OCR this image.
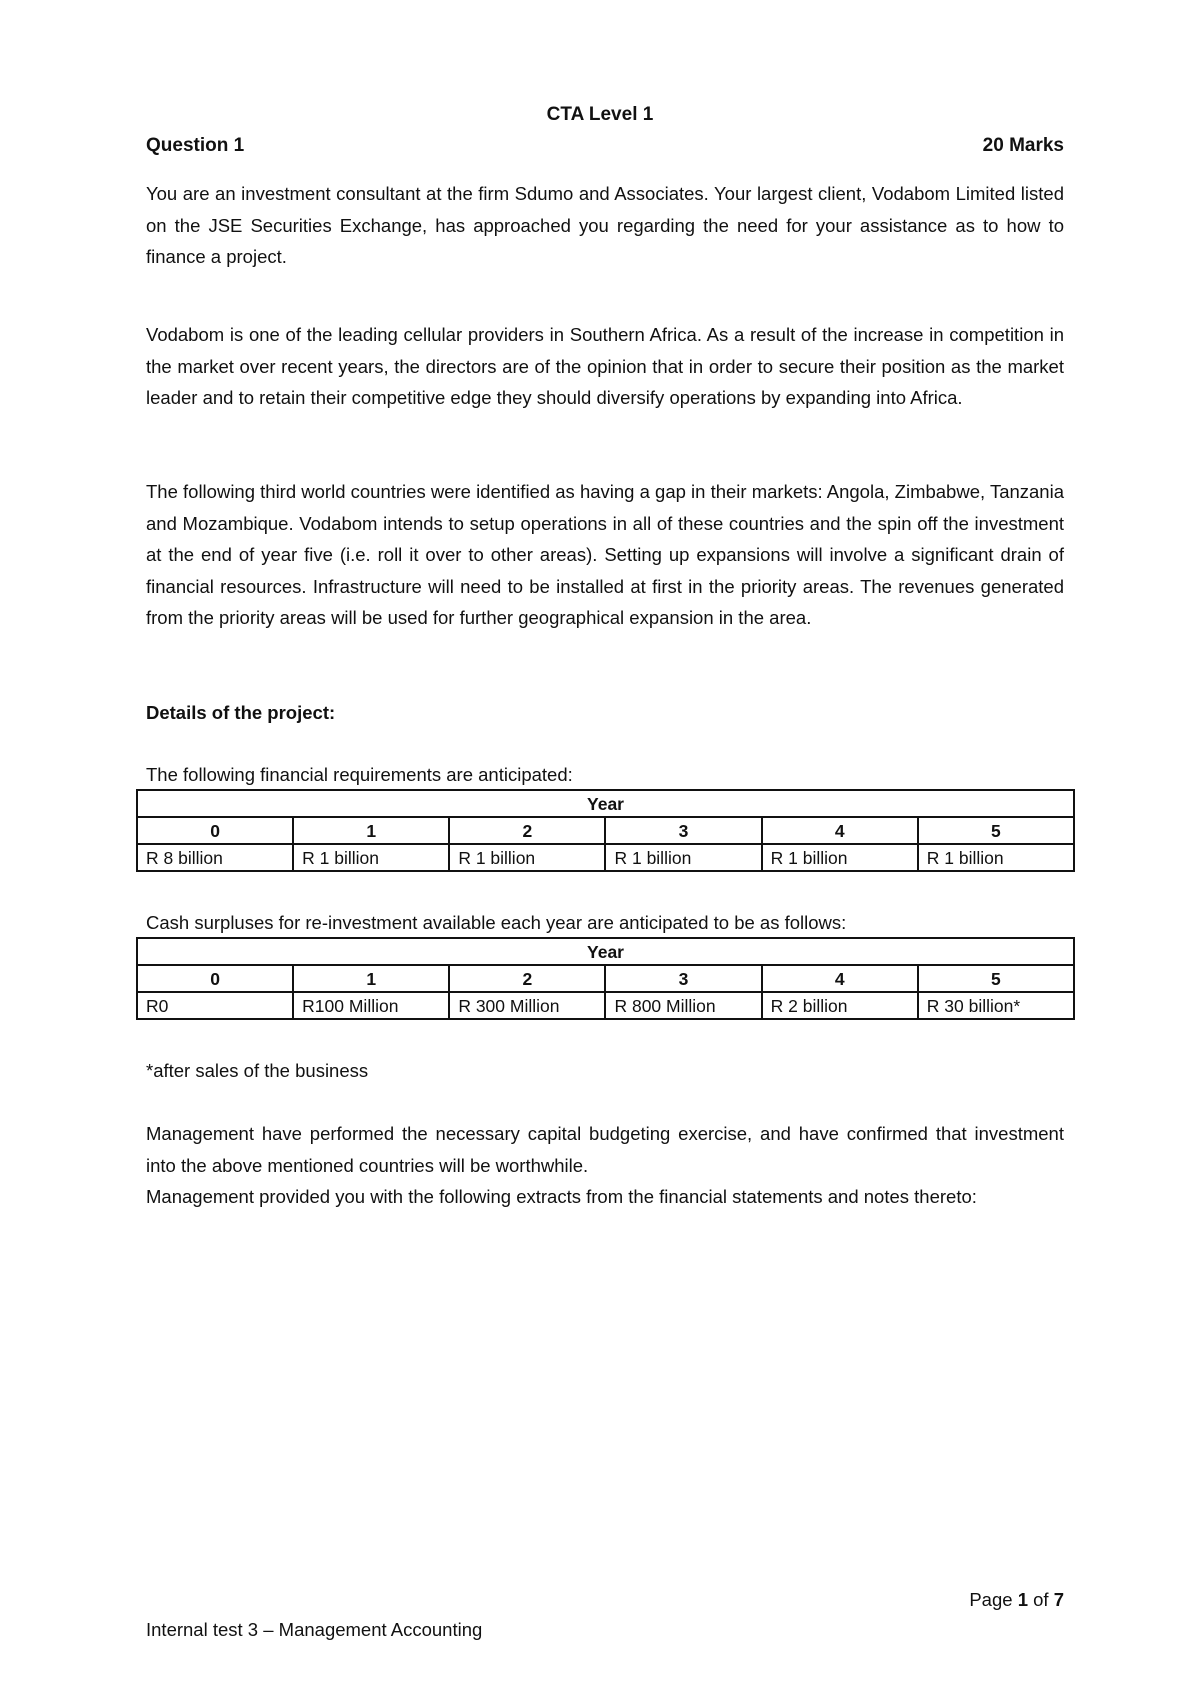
CTA Level 1
Question 1	20 Marks

You are an investment consultant at the firm Sdumo and Associates. Your largest client, Vodabom Limited listed on the JSE Securities Exchange, has approached you regarding the need for your assistance as to how to finance a project.

Vodabom is one of the leading cellular providers in Southern Africa. As a result of the increase in competition in the market over recent years, the directors are of the opinion that in order to secure their position as the market leader and to retain their competitive edge they should diversify operations by expanding into Africa.

The following third world countries were identified as having a gap in their markets: Angola, Zimbabwe, Tanzania and Mozambique. Vodabom intends to setup operations in all of these countries and the spin off the investment at the end of year five (i.e. roll it over to other areas). Setting up expansions will involve a significant drain of financial resources. Infrastructure will need to be installed at first in the priority areas. The revenues generated from the priority areas will be used for further geographical expansion in the area.

Details of the project:
The following financial requirements are anticipated:
Year					
0	1	2	3	4	5
R 8 billion	R 1 billion	R 1 billion	R 1 billion	R 1 billion	R 1 billion
Cash surpluses for re-investment available each year are anticipated to be as follows:
Year					
0	1	2	3	4	5
R0	R100 Million	R 300 Million	R 800 Million	R 2 billion	R 30 billion*
*after sales of the business

Management have performed the necessary capital budgeting exercise, and have confirmed that investment into the above mentioned countries will be worthwhile.

Management provided you with the following extracts from the financial statements and notes thereto:

Page 1 of 7
Internal test 3 – Management Accounting
